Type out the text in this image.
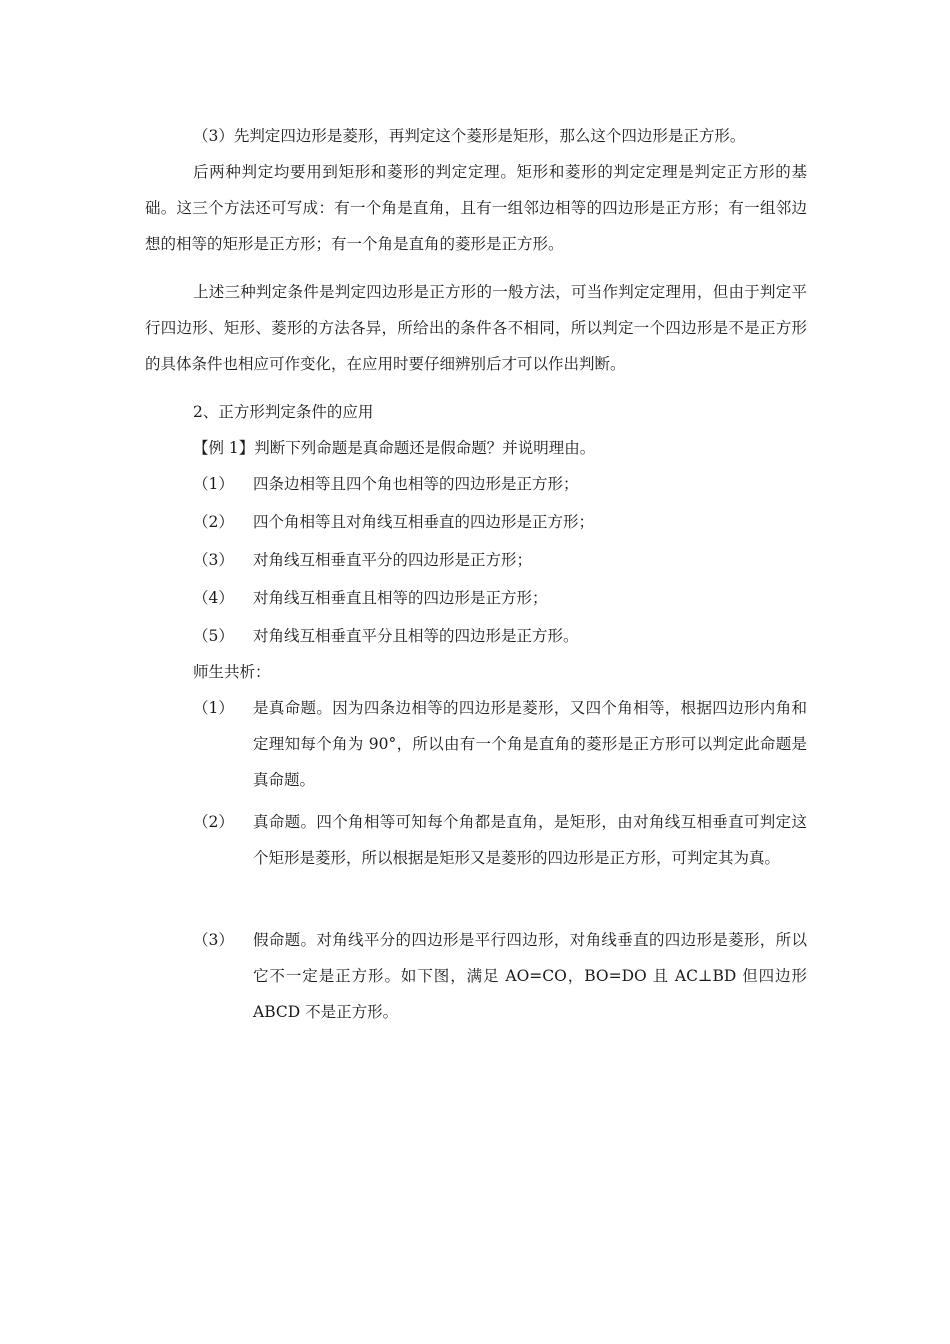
（3）先判定四边形是菱形，再判定这个菱形是矩形，那么这个四边形是正方形。

后两种判定均要用到矩形和菱形的判定定理。矩形和菱形的判定定理是判定正方形的基础。这三个方法还可写成：有一个角是直角，且有一组邻边相等的四边形是正方形；有一组邻边想的相等的矩形是正方形；有一个角是直角的菱形是正方形。

上述三种判定条件是判定四边形是正方形的一般方法，可当作判定定理用，但由于判定平行四边形、矩形、菱形的方法各异，所给出的条件各不相同，所以判定一个四边形是不是正方形的具体条件也相应可作变化，在应用时要仔细辨别后才可以作出判断。

2、正方形判定条件的应用

【例 1】判断下列命题是真命题还是假命题？并说明理由。

（1）	四条边相等且四个角也相等的四边形是正方形；
（2）	四个角相等且对角线互相垂直的四边形是正方形；
（3）	对角线互相垂直平分的四边形是正方形；
（4）	对角线互相垂直且相等的四边形是正方形；
（5）	对角线互相垂直平分且相等的四边形是正方形。

师生共析：

（1）	是真命题。因为四条边相等的四边形是菱形，又四个角相等，根据四边形内角和定理知每个角为 90°，所以由有一个角是直角的菱形是正方形可以判定此命题是真命题。
（2）	真命题。四个角相等可知每个角都是直角，是矩形，由对角线互相垂直可判定这个矩形是菱形，所以根据是矩形又是菱形的四边形是正方形，可判定其为真。
（3）	假命题。对角线平分的四边形是平行四边形，对角线垂直的四边形是菱形，所以它不一定是正方形。如下图，满足 AO=CO，BO=DO 且 AC⊥BD 但四边形 ABCD 不是正方形。
